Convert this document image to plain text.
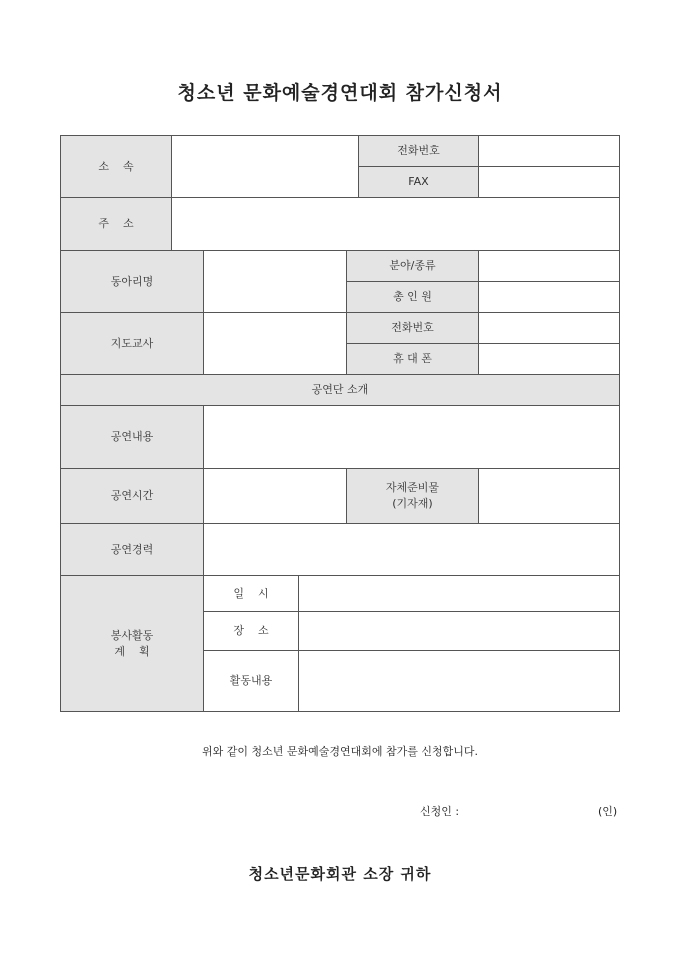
청소년 문화예술경연대회 참가신청서
소    속
전화번호
FAX
주    소
동아리명
분야/종류
총 인 원
지도교사
전화번호
휴 대 폰
공연단 소개
공연내용
공연시간
자체준비물
(기자재)
공연경력
봉사활동
계    획
일    시
장    소
활동내용
위와 같이 청소년 문화예술경연대회에 참가를 신청합니다.
신청인 :	(인)
청소년문화회관 소장 귀하
